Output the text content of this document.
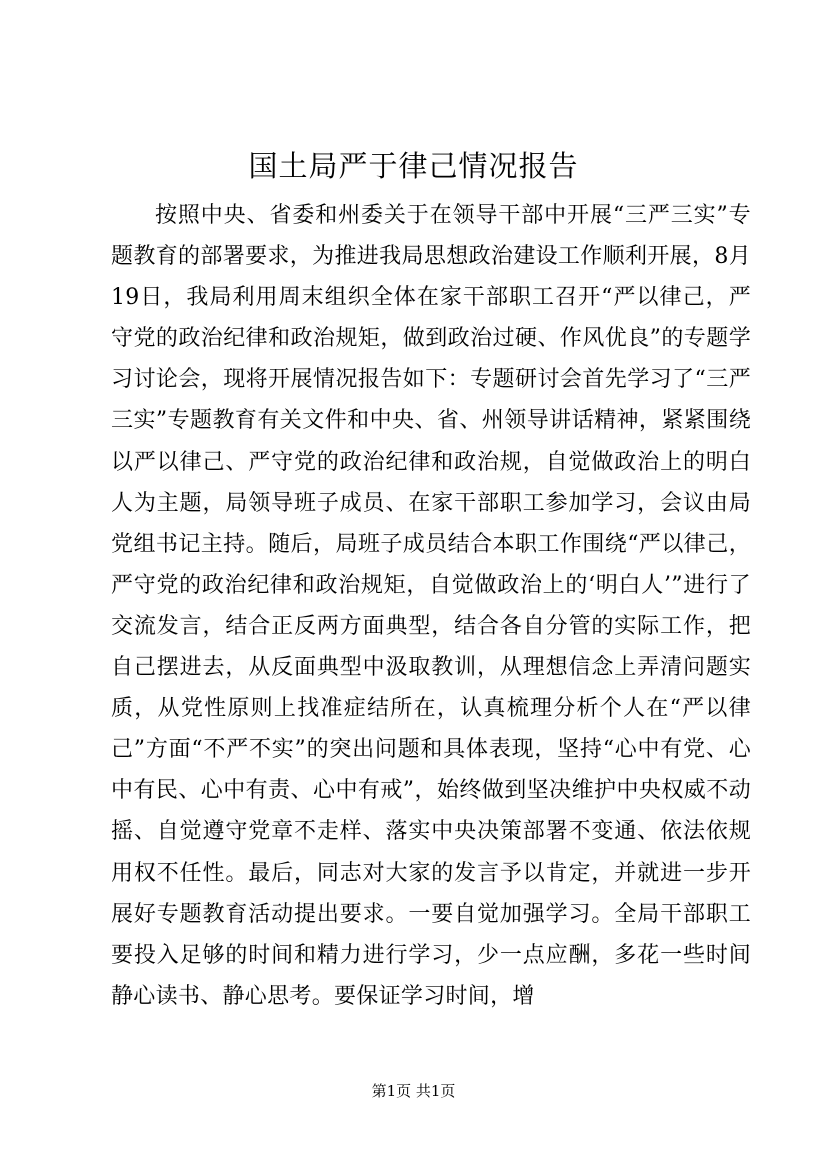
国土局严于律己情况报告

按照中央、省委和州委关于在领导干部中开展“三严三实”专题教育的部署要求，为推进我局思想政治建设工作顺利开展，8月19日，我局利用周末组织全体在家干部职工召开“严以律己，严守党的政治纪律和政治规矩，做到政治过硬、作风优良”的专题学习讨论会，现将开展情况报告如下：专题研讨会首先学习了“三严三实”专题教育有关文件和中央、省、州领导讲话精神，紧紧围绕以严以律己、严守党的政治纪律和政治规，自觉做政治上的明白人为主题，局领导班子成员、在家干部职工参加学习，会议由局党组书记主持。随后，局班子成员结合本职工作围绕“严以律己，严守党的政治纪律和政治规矩，自觉做政治上的‘明白人’”进行了交流发言，结合正反两方面典型，结合各自分管的实际工作，把自己摆进去，从反面典型中汲取教训，从理想信念上弄清问题实质，从党性原则上找准症结所在，认真梳理分析个人在“严以律己”方面“不严不实”的突出问题和具体表现，坚持“心中有党、心中有民、心中有责、心中有戒”，始终做到坚决维护中央权威不动摇、自觉遵守党章不走样、落实中央决策部署不变通、依法依规用权不任性。最后，同志对大家的发言予以肯定，并就进一步开展好专题教育活动提出要求。一要自觉加强学习。全局干部职工要投入足够的时间和精力进行学习，少一点应酬，多花一些时间静心读书、静心思考。要保证学习时间，增

第1页 共1页
